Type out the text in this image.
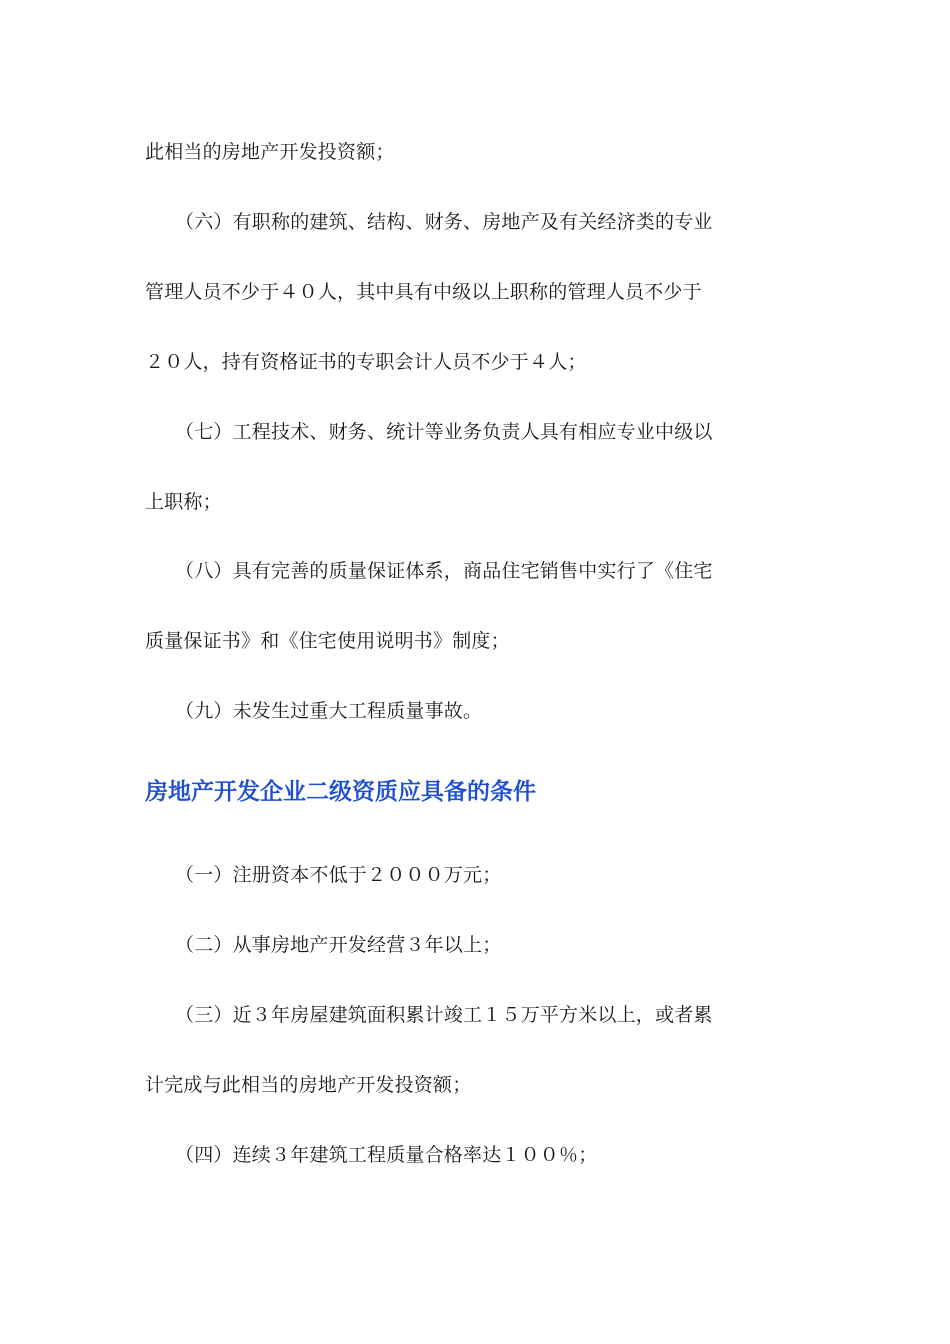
此相当的房地产开发投资额；
（六）有职称的建筑、结构、财务、房地产及有关经济类的专业
管理人员不少于４０人，其中具有中级以上职称的管理人员不少于
２０人，持有资格证书的专职会计人员不少于４人；
（七）工程技术、财务、统计等业务负责人具有相应专业中级以
上职称；
（八）具有完善的质量保证体系，商品住宅销售中实行了《住宅
质量保证书》和《住宅使用说明书》制度；
（九）未发生过重大工程质量事故。
房地产开发企业二级资质应具备的条件
（一）注册资本不低于２０００万元；
（二）从事房地产开发经营３年以上；
（三）近３年房屋建筑面积累计竣工１５万平方米以上，或者累
计完成与此相当的房地产开发投资额；
（四）连续３年建筑工程质量合格率达１００％；
